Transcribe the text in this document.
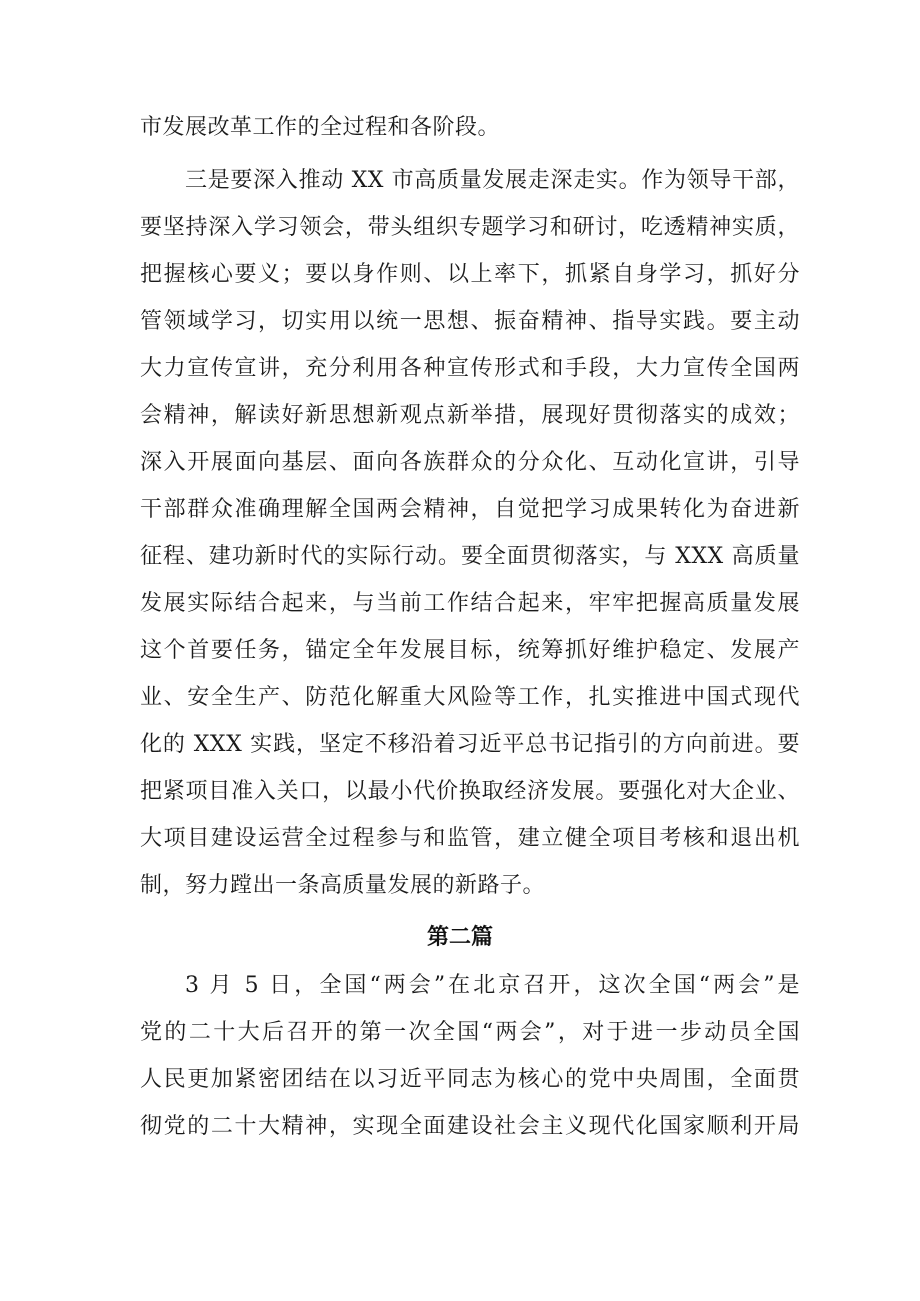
市发展改革工作的全过程和各阶段。
三是要深入推动 XX 市高质量发展走深走实。作为领导干部，
要坚持深入学习领会，带头组织专题学习和研讨，吃透精神实质，
把握核心要义；要以身作则、以上率下，抓紧自身学习，抓好分
管领域学习，切实用以统一思想、振奋精神、指导实践。要主动
大力宣传宣讲，充分利用各种宣传形式和手段，大力宣传全国两
会精神，解读好新思想新观点新举措，展现好贯彻落实的成效；
深入开展面向基层、面向各族群众的分众化、互动化宣讲，引导
干部群众准确理解全国两会精神，自觉把学习成果转化为奋进新
征程、建功新时代的实际行动。要全面贯彻落实，与 XXX 高质量
发展实际结合起来，与当前工作结合起来，牢牢把握高质量发展
这个首要任务，锚定全年发展目标，统筹抓好维护稳定、发展产
业、安全生产、防范化解重大风险等工作，扎实推进中国式现代
化的 XXX 实践，坚定不移沿着习近平总书记指引的方向前进。要
把紧项目准入关口，以最小代价换取经济发展。要强化对大企业、
大项目建设运营全过程参与和监管，建立健全项目考核和退出机
制，努力蹚出一条高质量发展的新路子。
第二篇
3 月 5 日，全国“两会”在北京召开，这次全国“两会”是
党的二十大后召开的第一次全国“两会”，对于进一步动员全国
人民更加紧密团结在以习近平同志为核心的党中央周围，全面贯
彻党的二十大精神，实现全面建设社会主义现代化国家顺利开局
